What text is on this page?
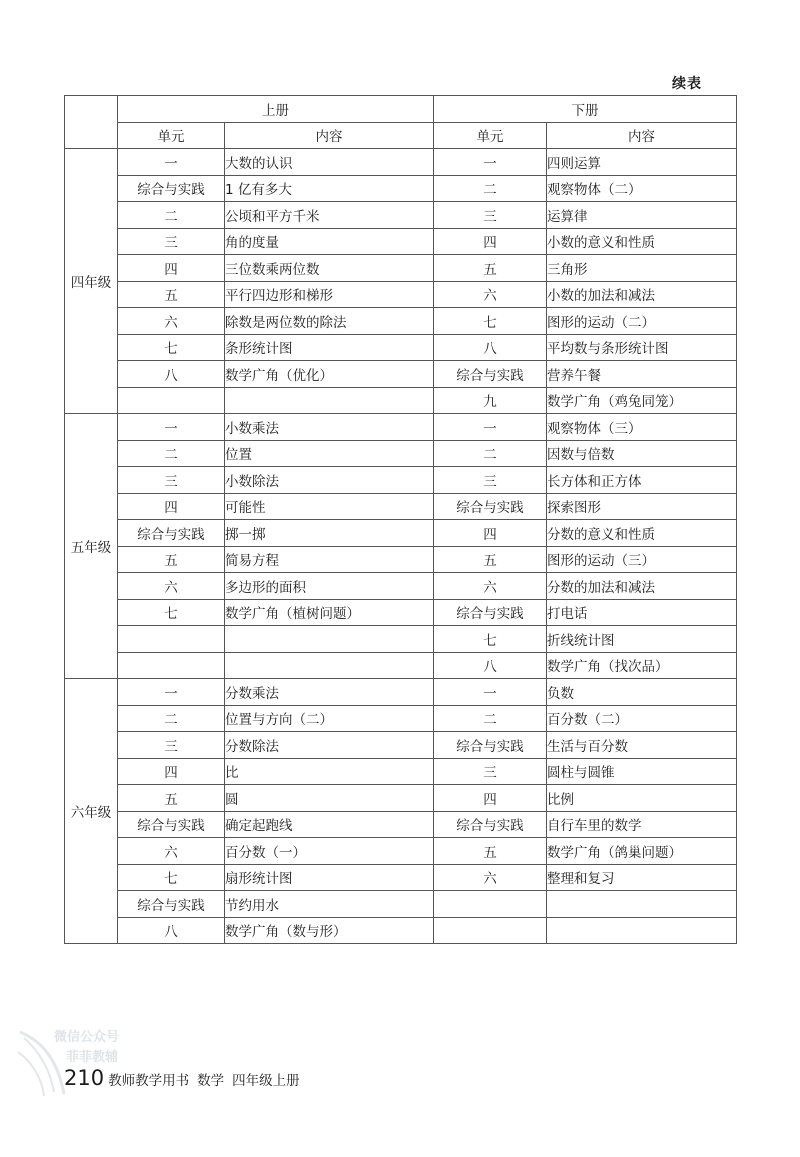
续表
	上册		下册	
	单元	内容	单元	内容
四年级	一	大数的认识	一	四则运算
	综合与实践	1 亿有多大	二	观察物体（二）
	二	公顷和平方千米	三	运算律
	三	角的度量	四	小数的意义和性质
	四	三位数乘两位数	五	三角形
	五	平行四边形和梯形	六	小数的加法和减法
	六	除数是两位数的除法	七	图形的运动（二）
	七	条形统计图	八	平均数与条形统计图
	八	数学广角（优化）	综合与实践	营养午餐
			九	数学广角（鸡兔同笼）
五年级	一	小数乘法	一	观察物体（三）
	二	位置	二	因数与倍数
	三	小数除法	三	长方体和正方体
	四	可能性	综合与实践	探索图形
	综合与实践	掷一掷	四	分数的意义和性质
	五	简易方程	五	图形的运动（三）
	六	多边形的面积	六	分数的加法和减法
	七	数学广角（植树问题）	综合与实践	打电话
			七	折线统计图
			八	数学广角（找次品）
六年级	一	分数乘法	一	负数
	二	位置与方向（二）	二	百分数（二）
	三	分数除法	综合与实践	生活与百分数
	四	比	三	圆柱与圆锥
	五	圆	四	比例
	综合与实践	确定起跑线	综合与实践	自行车里的数学
	六	百分数（一）	五	数学广角（鸽巢问题）
	七	扇形统计图	六	整理和复习
	综合与实践	节约用水		
	八	数学广角（数与形）		
210 教师教学用书 数学 四年级上册
微信公众号
菲菲教辅
